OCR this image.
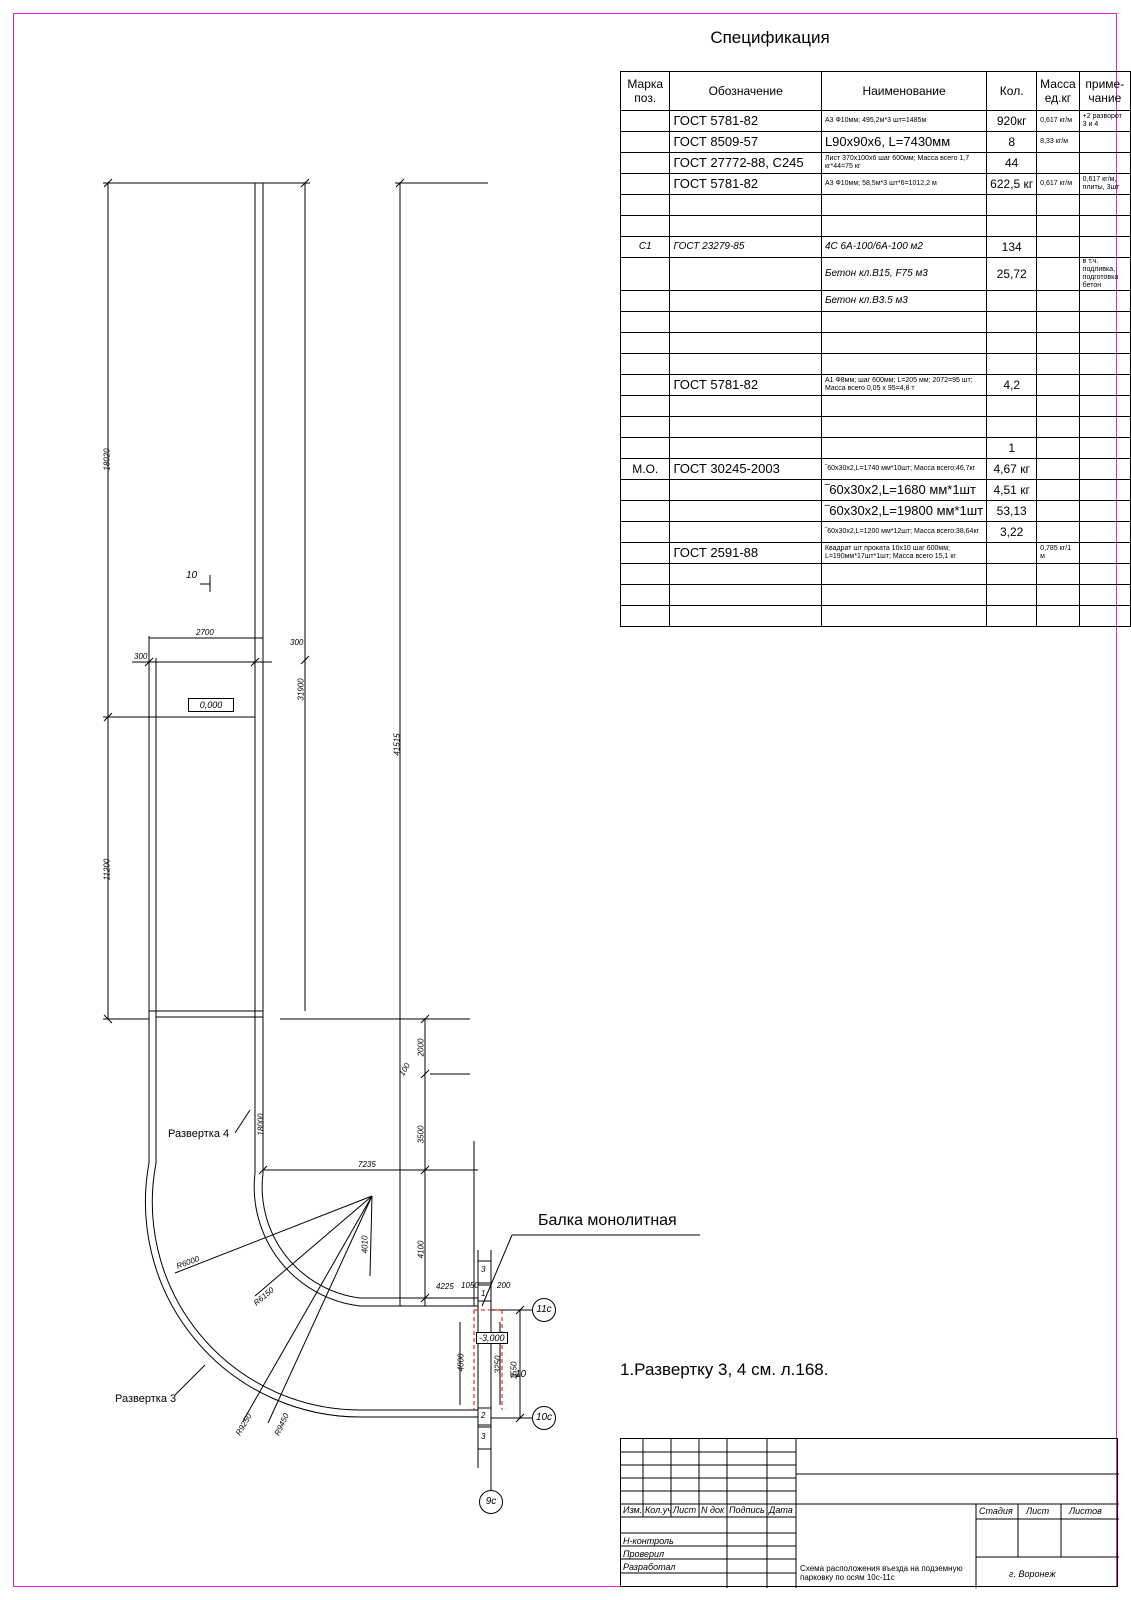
Спецификация
Марка поз.	Обозначение	Наименование	Кол.	Масса ед.кг	приме-чание
	ГОСТ 5781-82	A3 Ф10мм; 495,2м*3 шт=1485м	920кг	0,617 кг/м	+2 разворот 3 и 4
	ГОСТ 8509-57	L90x90x6, L=7430мм	8	8,33 кг/м	
	ГОСТ 27772-88, С245	Лист 370х100х6 шаг 600мм; Масса всего 1,7 кг*44=75 кг	44		
	ГОСТ 5781-82	A3 Ф10мм; 58,5м*3 шт*6=1012,2 м	622,5 кг	0,617 кг/м	0,617 кг/м, плиты, 3шт

C1	ГОСТ 23279-85	4С 6А-100/6А-100 м2	134		
		Бетон кл.B15, F75 м3	25,72		в т.ч. подливка, подготовка бетон
		Бетон кл.B3.5 м3			

	ГОСТ 5781-82	A1 Ф8мм; шаг 600мм; L=205 мм; 2072=95 шт; Масса всего 0,05 x 95=4,8 т	4,2		

			1		
М.О.	ГОСТ 30245-2003	‾60x30x2,L=1740 мм*10шт; Масса всего:46,7кг	4,67 кг		
		‾60x30x2,L=1680 мм*1шт	4,51 кг		
		‾60x30x2,L=19800 мм*1шт	53,13		
		‾60x30x2,L=1200 мм*12шт; Масса всего:38,64кг	3,22		
	ГОСТ 2591-88	Квадрат шт проката 10х10 шаг 600мм; L=190мм*17шт*1шт; Масса всего 15,1 кг		0,785 кг/1 м	

0,000
10
10
Балка монолитная
Развертка 4
Развертка 3
18020
11200
31900
41515
2700
300
300
2000
100
3500
4100
4225
7235
4010
4000	3250 1550
1050 200
R6000
R6150
R9250 R9450
18000
3
1
2
3
-3,000
11с
10с
9с
1.Развертку 3, 4 см. л.168.
Изм. Кол.уч Лист N док Подпись Дата
Н-контроль
Проверил
Разработал
Стадия Лист Листов
Схема расположения въезда на подземную парковку по осям 10с-11с	г. Воронеж
